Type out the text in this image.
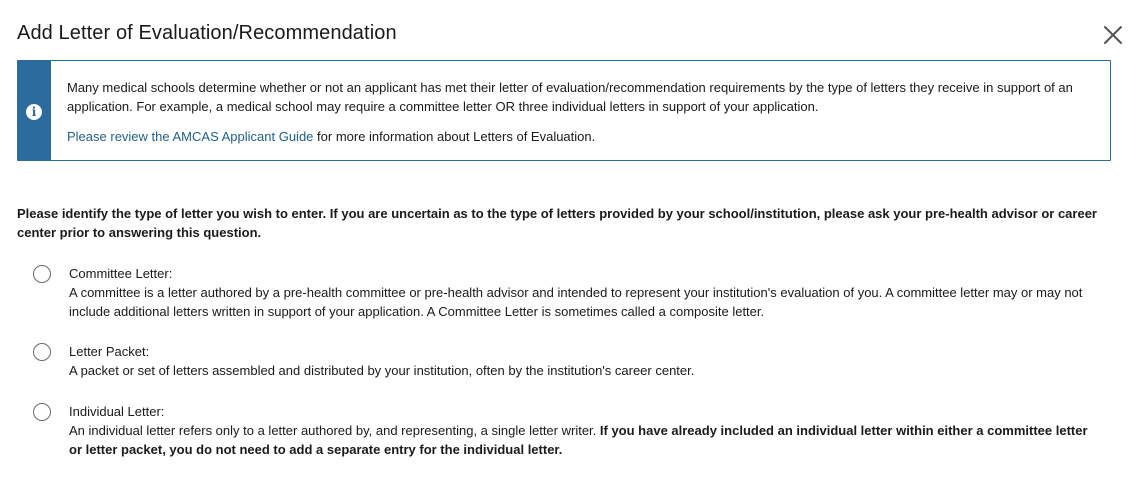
Add Letter of Evaluation/Recommendation
i
Many medical schools determine whether or not an applicant has met their letter of evaluation/recommendation requirements by the type of letters they receive in support of an application. For example, a medical school may require a committee letter OR three individual letters in support of your application.
Please review the AMCAS Applicant Guide for more information about Letters of Evaluation.

Please identify the type of letter you wish to enter. If you are uncertain as to the type of letters provided by your school/institution, please ask your pre-health advisor or career center prior to answering this question.

Committee Letter:
A committee is a letter authored by a pre-health committee or pre-health advisor and intended to represent your institution's evaluation of you. A committee letter may or may not include additional letters written in support of your application. A Committee Letter is sometimes called a composite letter.
Letter Packet:
A packet or set of letters assembled and distributed by your institution, often by the institution's career center.
Individual Letter:
An individual letter refers only to a letter authored by, and representing, a single letter writer. If you have already included an individual letter within either a committee letter or letter packet, you do not need to add a separate entry for the individual letter.
